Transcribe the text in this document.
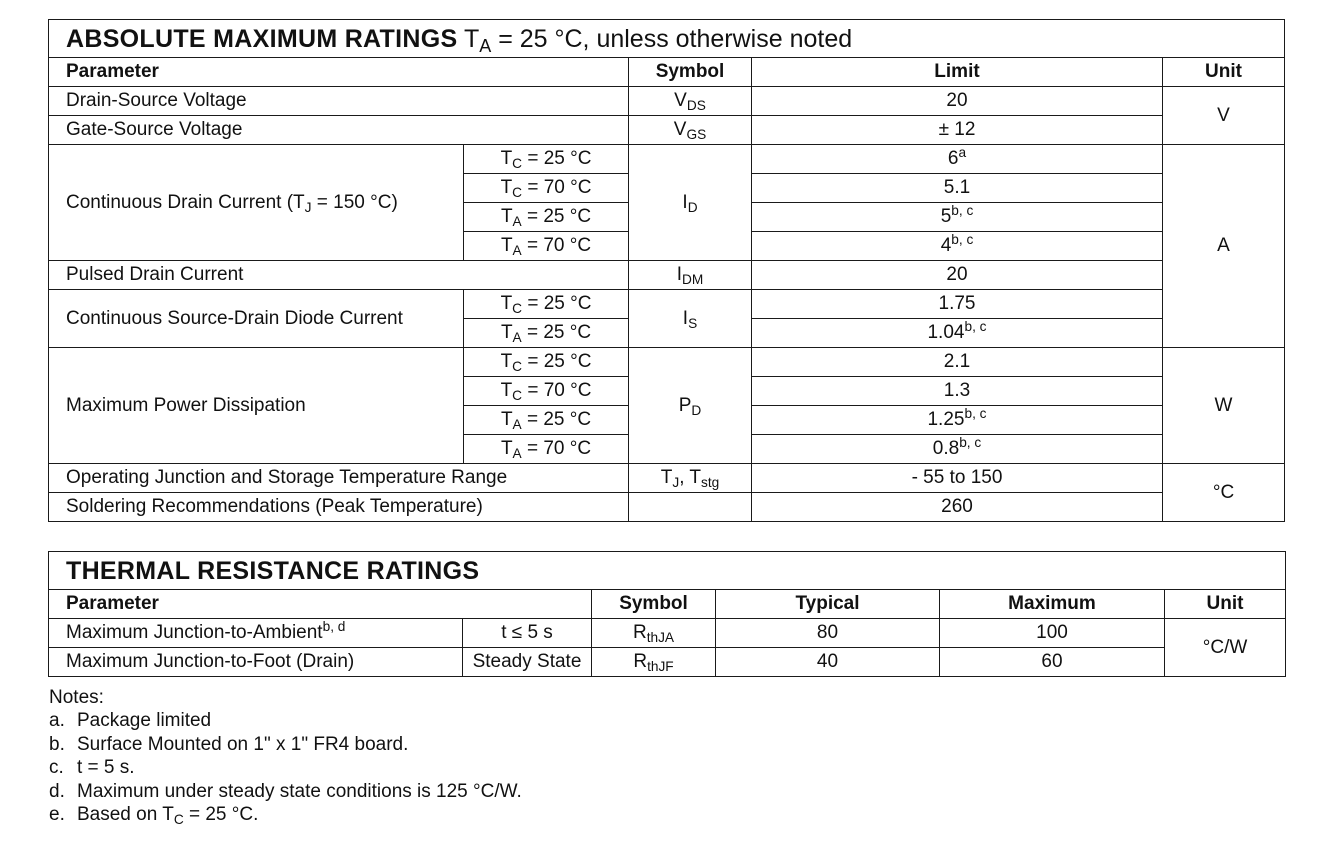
ABSOLUTE MAXIMUM RATINGS $T_A = 25$ °C, unless otherwise noted				
Parameter		Symbol	Limit	Unit
Drain-Source Voltage		$V_{DS}$	20	V
Gate-Source Voltage		$V_{GS}$	± 12	
Continuous Drain Current ($T_J = 150$ °C)	$T_C = 25$ °C	$I_D$	6$^a$	A
	$T_C = 70$ °C		5.1	
	$T_A = 25$ °C		5$^{b, c}$
	$T_A = 70$ °C		4$^{b, c}$
Pulsed Drain Current		$I_{DM}$	20	
Continuous Source-Drain Diode Current	$T_C = 25$ °C	$I_S$	1.75	
	$T_A = 25$ °C		1.04$^{b, c}$
Maximum Power Dissipation	$T_C = 25$ °C	$P_D$	2.1	W
	$T_C = 70$ °C		1.3	
	$T_A = 25$ °C		1.25$^{b, c}$
	$T_A = 70$ °C		0.8$^{b, c}$
Operating Junction and Storage Temperature Range		$T_J$, $T_{stg}$	- 55 to 150	°C
Soldering Recommendations (Peak Temperature)			260	
THERMAL RESISTANCE RATINGS					
Parameter		Symbol	Typical	Maximum	Unit
Maximum Junction-to-Ambient$^{b, d}$	t ≤ 5 s	$R_{thJA}$	80	100	°C/W
Maximum Junction-to-Foot (Drain)	Steady State	$R_{thJF}$	40	60	
Notes:
a. Package limited
b. Surface Mounted on 1" x 1" FR4 board.
c. t = 5 s.
d. Maximum under steady state conditions is 125 °C/W.
e. Based on $T_C = 25$ °C.
